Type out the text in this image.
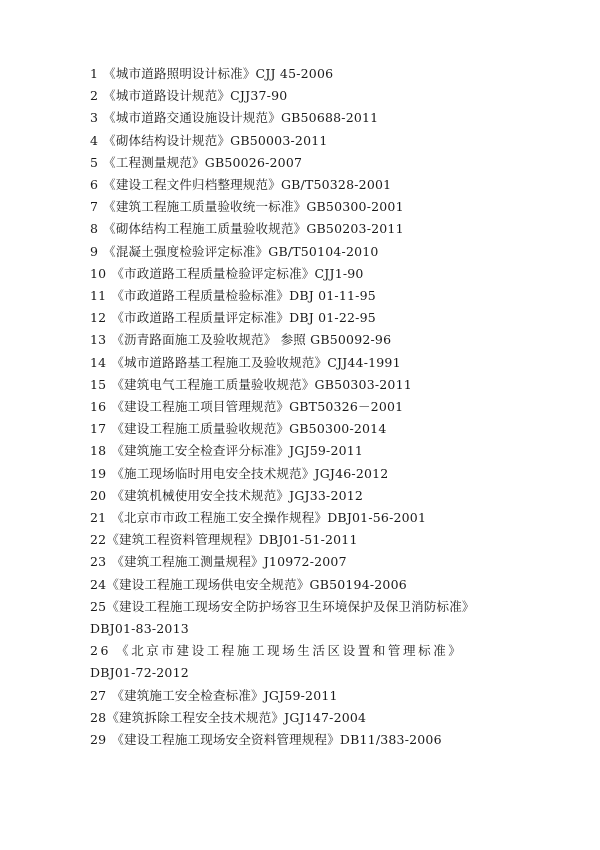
1 《城市道路照明设计标准》CJJ 45-2006
2 《城市道路设计规范》CJJ37-90
3 《城市道路交通设施设计规范》GB50688-2011
4 《砌体结构设计规范》GB50003-2011
5 《工程测量规范》GB50026-2007
6 《建设工程文件归档整理规范》GB/T50328-2001
7 《建筑工程施工质量验收统一标准》GB50300-2001
8 《砌体结构工程施工质量验收规范》GB50203-2011
9 《混凝土强度检验评定标准》GB/T50104-2010
10 《市政道路工程质量检验评定标准》CJJ1-90
11 《市政道路工程质量检验标准》DBJ 01-11-95
12 《市政道路工程质量评定标准》DBJ 01-22-95
13 《沥青路面施工及验收规范》 参照 GB50092-96
14 《城市道路路基工程施工及验收规范》CJJ44-1991
15 《建筑电气工程施工质量验收规范》GB50303-2011
16 《建设工程施工项目管理规范》GBT50326－2001
17 《建设工程施工质量验收规范》GB50300-2014
18 《建筑施工安全检查评分标准》JGJ59-2011
19 《施工现场临时用电安全技术规范》JGJ46-2012
20 《建筑机械使用安全技术规范》JGJ33-2012
21 《北京市市政工程施工安全操作规程》DBJ01-56-2001
22《建筑工程资料管理规程》DBJ01-51-2011
23 《建筑工程施工测量规程》J10972-2007
24《建设工程施工现场供电安全规范》GB50194-2006
25《建设工程施工现场安全防护场容卫生环境保护及保卫消防标准》
DBJ01-83-2013
26 《北京市建设工程施工现场生活区设置和管理标准》
DBJ01-72-2012
27 《建筑施工安全检查标准》JGJ59-2011
28《建筑拆除工程安全技术规范》JGJ147-2004
29 《建设工程施工现场安全资料管理规程》DB11/383-2006
